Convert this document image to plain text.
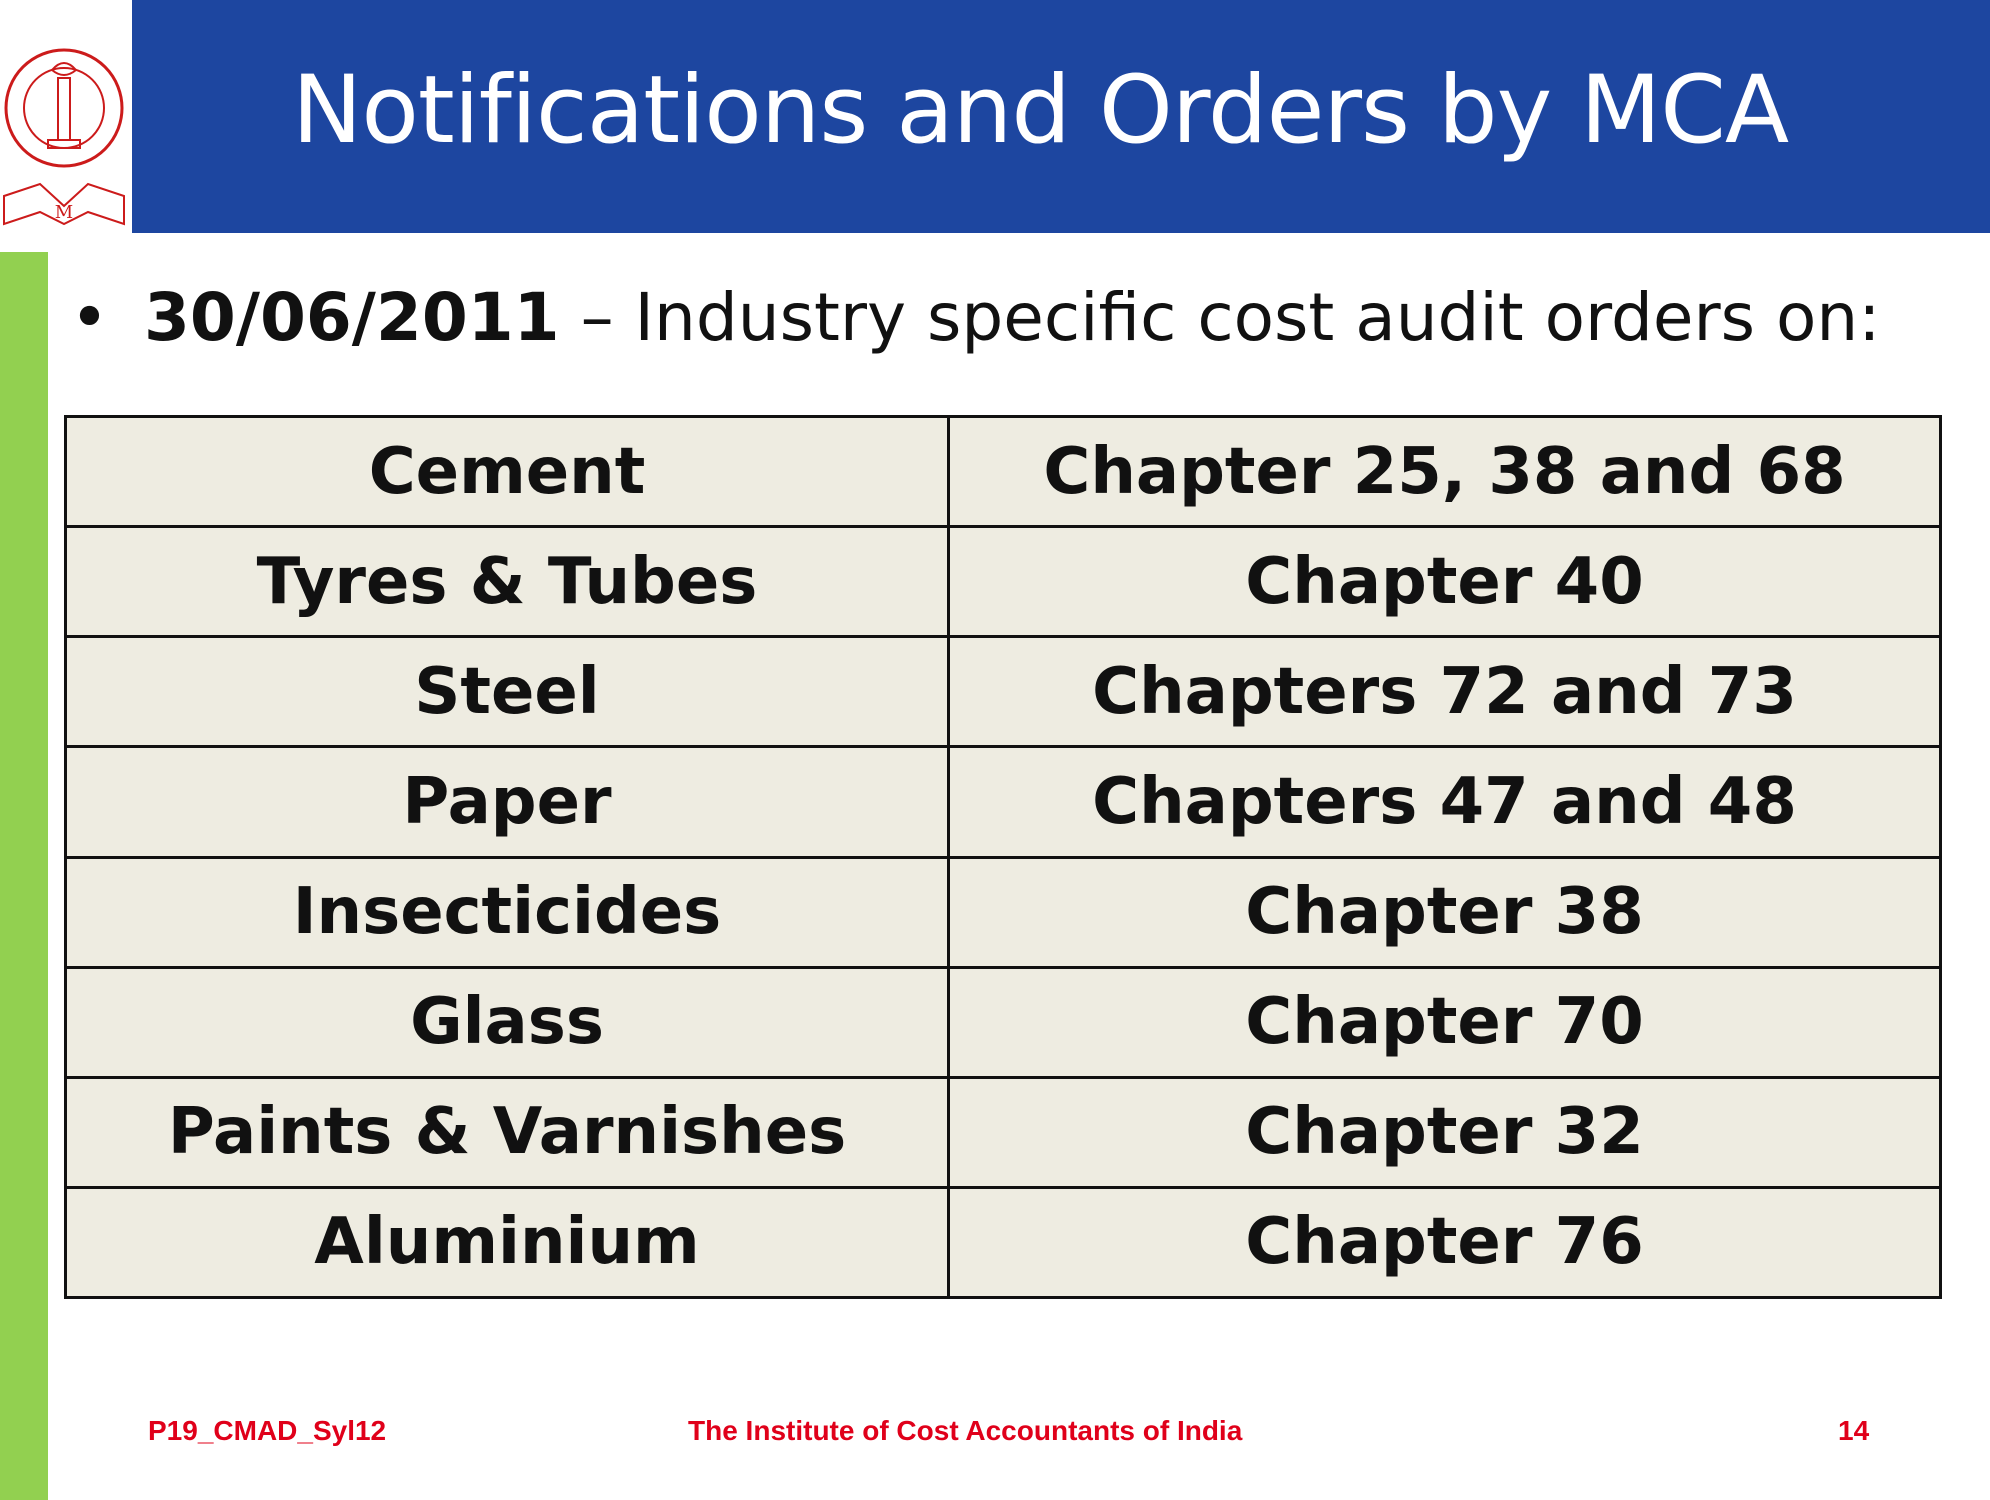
M
Notifications and Orders by MCA
• 30/06/2011 – Industry specific cost audit orders on:
Cement	Chapter 25, 38 and 68
Tyres & Tubes	Chapter 40
Steel	Chapters 72 and 73
Paper	Chapters 47 and 48
Insecticides	Chapter 38
Glass	Chapter 70
Paints & Varnishes	Chapter 32
Aluminium	Chapter 76
P19_CMAD_Syl12	The Institute of Cost Accountants of India	14
